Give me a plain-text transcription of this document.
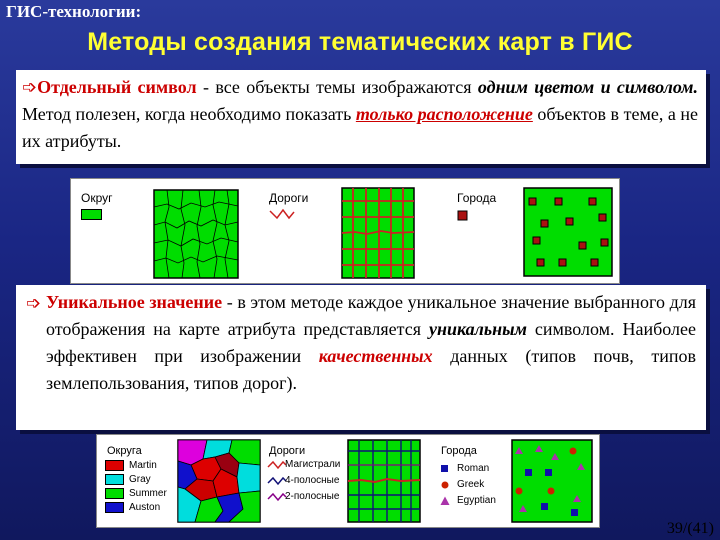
ГИС-технологии:
Методы создания тематических карт в ГИС
➩Отдельный символ - все объекты темы изображаются одним цветом и символом. Метод полезен, когда необходимо показать только расположение объектов в теме, а не их атрибуты.
Округ	Дороги	Города
➩ Уникальное значение - в этом методе каждое уникальное значение выбранного для отображения на карте атрибута представляется уникальным символом. Наиболее эффективен при изображении качественных данных (типов почв, типов землепользования, типов дорог).
Округа
Martin
Gray
Summer
Auston
Дороги
Магистрали
4-полосные
2-полосные
Города
Roman
Greek
Egyptian
39/(41)
